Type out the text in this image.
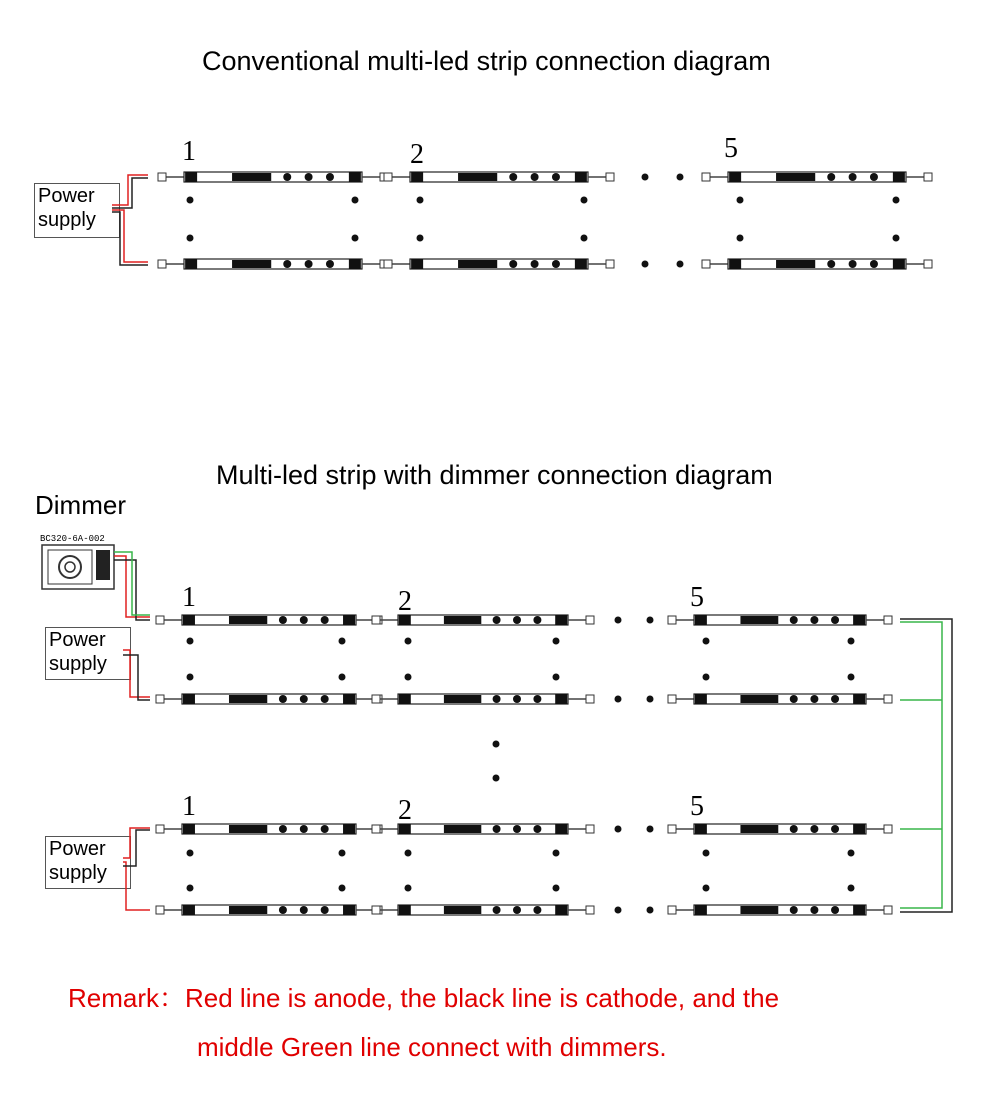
Conventional multi-led strip connection diagram
Power
supply
Multi-led strip with dimmer connection diagram
Dimmer
Power
supply
Power
supply
BC320-6A-002
1	2	5
1	2	5
1	2	5
Remark：Red line is anode, the black line is cathode, and the
middle Green line connect with dimmers.
